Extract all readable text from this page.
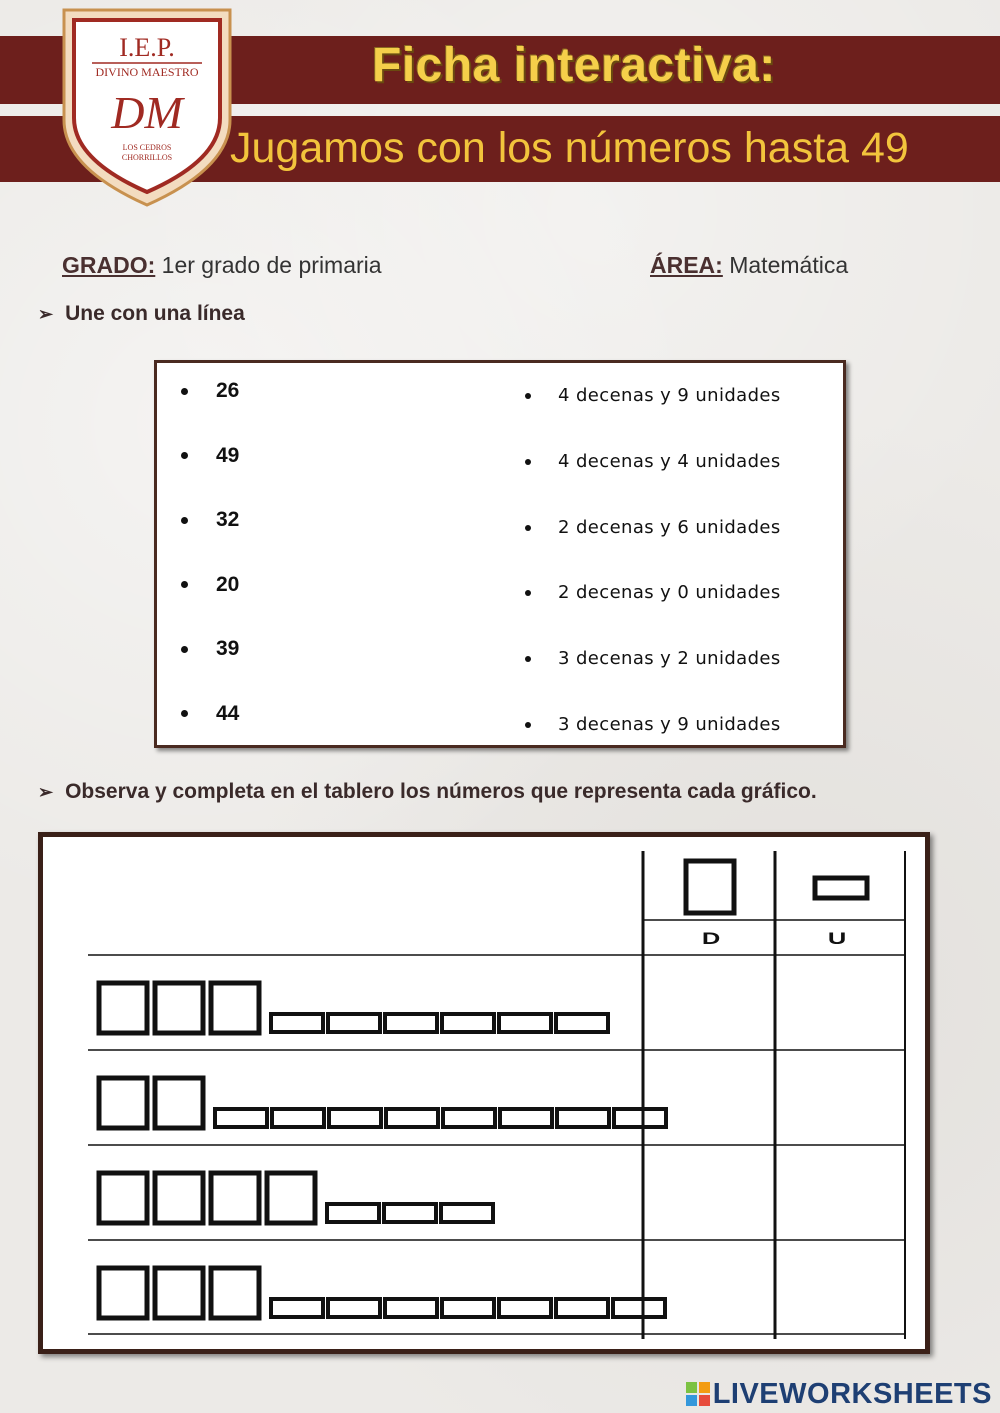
I.E.P.
DIVINO MAESTRO
DM
LOS CEDROS
CHORRILLOS
Ficha interactiva:
Jugamos con los números hasta 49
GRADO: 1er grado de primaria	ÁREA: Matemática
➢ Une con una línea
26
49
32
20
39
44
4 decenas y 9 unidades
4 decenas y 4 unidades
2 decenas y 6 unidades
2 decenas y 0 unidades
3 decenas y 2 unidades
3 decenas y 9 unidades
➢ Observa y completa en el tablero los números que representa cada gráfico.
D	U
LIVEWORKSHEETS
